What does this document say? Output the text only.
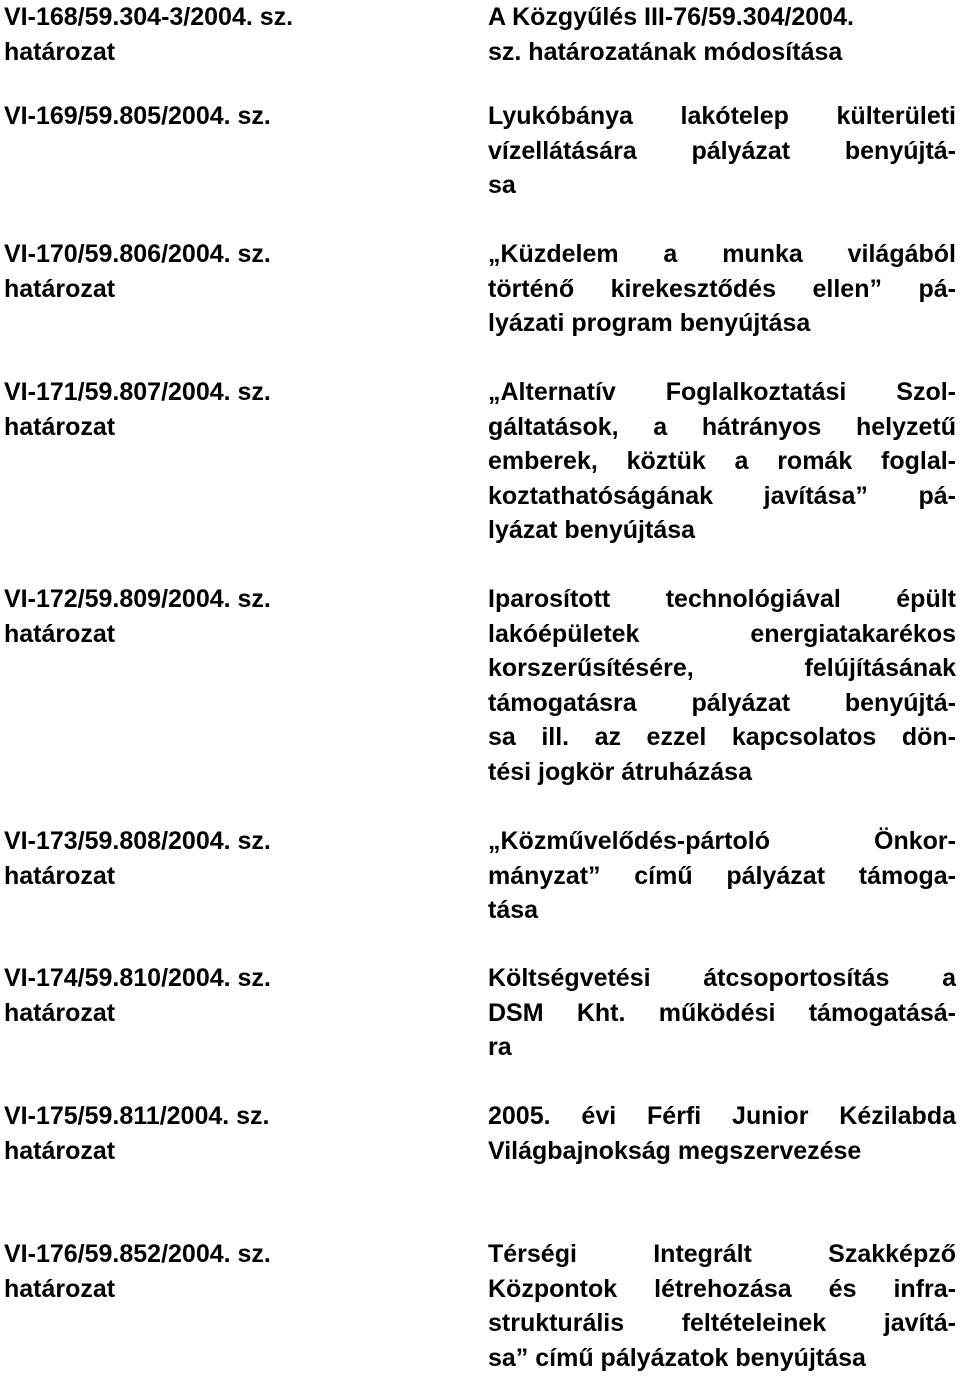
VI-168/59.304-3/2004. sz.
határozat
A Közgyűlés III-76/59.304/2004.
sz. határozatának módosítása
VI-169/59.805/2004. sz.	Lyukóbánya lakótelep külterületi
vízellátására pályázat benyújtá-
sa
VI-170/59.806/2004. sz.
határozat
„Küzdelem a munka világából
történő kirekesztődés ellen” pá-
lyázati program benyújtása
VI-171/59.807/2004. sz.
határozat
„Alternatív Foglalkoztatási Szol-
gáltatások, a hátrányos helyzetű
emberek, köztük a romák foglal-
koztathatóságának javítása” pá-
lyázat benyújtása
VI-172/59.809/2004. sz.
határozat
Iparosított technológiával épült
lakóépületek energiatakarékos
korszerűsítésére, felújításának
támogatásra pályázat benyújtá-
sa ill. az ezzel kapcsolatos dön-
tési jogkör átruházása
VI-173/59.808/2004. sz.
határozat
„Közművelődés-pártoló Önkor-
mányzat” című pályázat támoga-
tása
VI-174/59.810/2004. sz.
határozat
Költségvetési átcsoportosítás a
DSM Kht. működési támogatásá-
ra
VI-175/59.811/2004. sz.
határozat
2005. évi Férfi Junior Kézilabda
Világbajnokság megszervezése
VI-176/59.852/2004. sz.
határozat
Térségi Integrált Szakképző
Központok létrehozása és infra-
strukturális feltételeinek javítá-
sa” című pályázatok benyújtása
